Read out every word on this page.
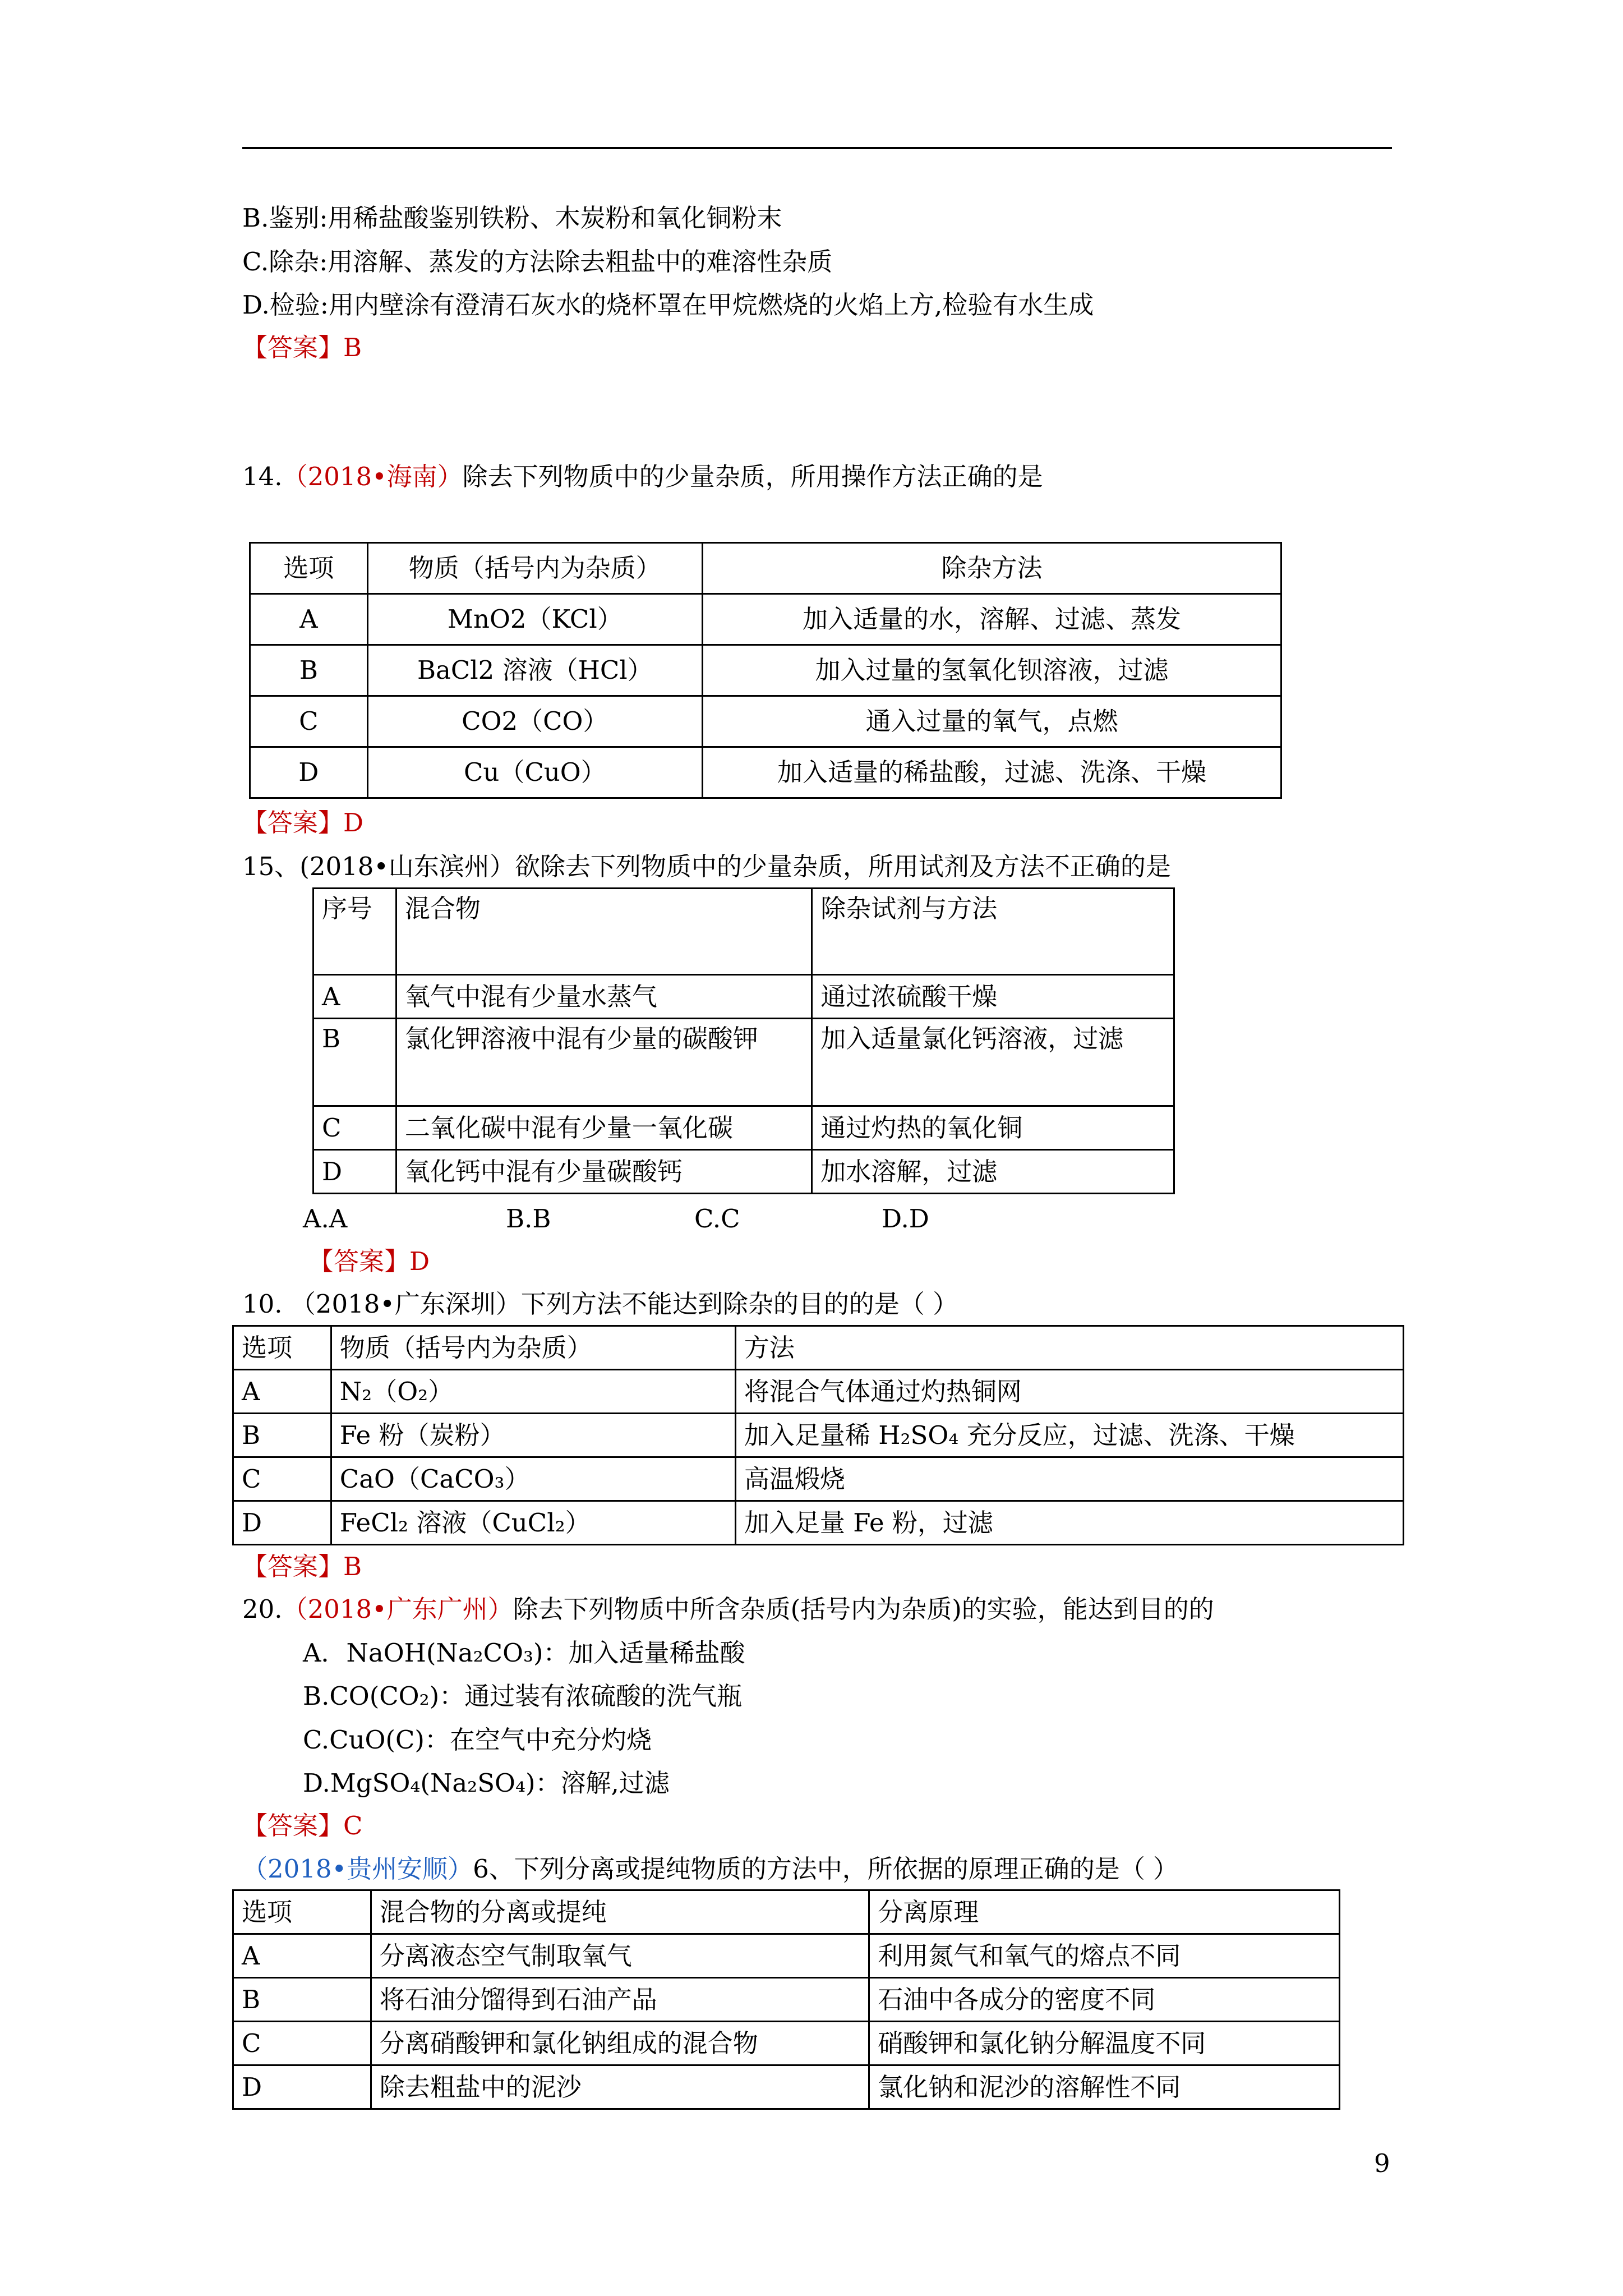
B.鉴别:用稀盐酸鉴别铁粉、木炭粉和氧化铜粉末
C.除杂:用溶解、蒸发的方法除去粗盐中的难溶性杂质
D.检验:用内壁涂有澄清石灰水的烧杯罩在甲烷燃烧的火焰上方,检验有水生成
【答案】B
14.（2018•海南）除去下列物质中的少量杂质，所用操作方法正确的是
选项	物质（括号内为杂质）	除杂方法
A	MnO2（KCl）	加入适量的水，溶解、过滤、蒸发
B	BaCl2 溶液（HCl）	加入过量的氢氧化钡溶液，过滤
C	CO2（CO）	通入过量的氧气，点燃
D	Cu（CuO）	加入适量的稀盐酸，过滤、洗涤、干燥
【答案】D
15、(2018•山东滨州）欲除去下列物质中的少量杂质，所用试剂及方法不正确的是
序号	混合物	除杂试剂与方法
A	氧气中混有少量水蒸气	通过浓硫酸干燥
B	氯化钾溶液中混有少量的碳酸钾	加入适量氯化钙溶液，过滤
C	二氧化碳中混有少量一氧化碳	通过灼热的氧化铜
D	氧化钙中混有少量碳酸钙	加水溶解，过滤
A.A	B.B	C.C	D.D
【答案】D
10. （2018•广东深圳）下列方法不能达到除杂的目的的是（ ）
选项	物质（括号内为杂质）	方法
A	N₂（O₂）	将混合气体通过灼热铜网
B	Fe 粉（炭粉）	加入足量稀 H₂SO₄ 充分反应，过滤、洗涤、干燥
C	CaO（CaCO₃）	高温煅烧
D	FeCl₂ 溶液（CuCl₂）	加入足量 Fe 粉，过滤
【答案】B
20.（2018•广东广州）除去下列物质中所含杂质(括号内为杂质)的实验，能达到目的的
A．NaOH(Na₂CO₃)：加入适量稀盐酸
B.CO(CO₂)：通过装有浓硫酸的洗气瓶
C.CuO(C)：在空气中充分灼烧
D.MgSO₄(Na₂SO₄)：溶解,过滤
【答案】C
（2018•贵州安顺）6、下列分离或提纯物质的方法中，所依据的原理正确的是（ ）
选项	混合物的分离或提纯	分离原理
A	分离液态空气制取氧气	利用氮气和氧气的熔点不同
B	将石油分馏得到石油产品	石油中各成分的密度不同
C	分离硝酸钾和氯化钠组成的混合物	硝酸钾和氯化钠分解温度不同
D	除去粗盐中的泥沙	氯化钠和泥沙的溶解性不同
9
